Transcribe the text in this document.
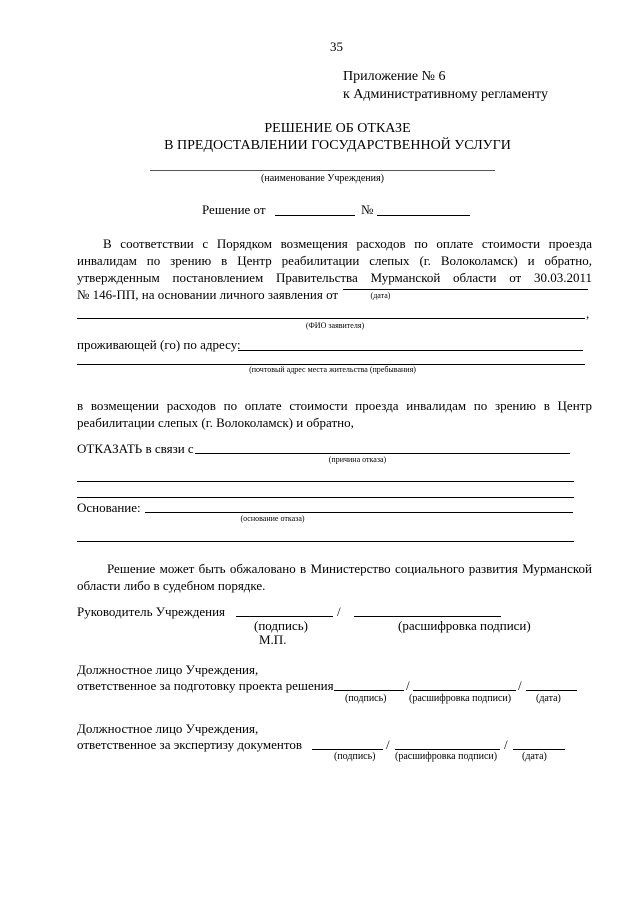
35
Приложение № 6
к Административному регламенту
РЕШЕНИЕ ОБ ОТКАЗЕ
В ПРЕДОСТАВЛЕНИИ ГОСУДАРСТВЕННОЙ УСЛУГИ
(наименование Учреждения)
Решение от	№
В соответствии с Порядком возмещения расходов по оплате стоимости проезда
инвалидам по зрению в Центр реабилитации слепых (г. Волоколамск) и обратно,
утвержденным постановлением Правительства Мурманской области от 30.03.2011
№ 146-ПП, на основании личного заявления от	(дата)
,
(ФИО заявителя)
проживающей (го) по адресу:
(почтовый адрес места жительства (пребывания)
в возмещении расходов по оплате стоимости проезда инвалидам по зрению в Центр
реабилитации слепых (г. Волоколамск) и обратно,
ОТКАЗАТЬ в связи с
(причина отказа)
Основание:
(основание отказа)
Решение может быть обжаловано в Министерство социального развития Мурманской
области либо в судебном порядке.
Руководитель Учреждения	/
(подпись)	(расшифровка подписи)
М.П.
Должностное лицо Учреждения,
ответственное за подготовку проекта решения	/	/
(подпись) (расшифровка подписи) (дата)
Должностное лицо Учреждения,
ответственное за экспертизу документов	/	/
(подпись) (расшифровка подписи) (дата)
